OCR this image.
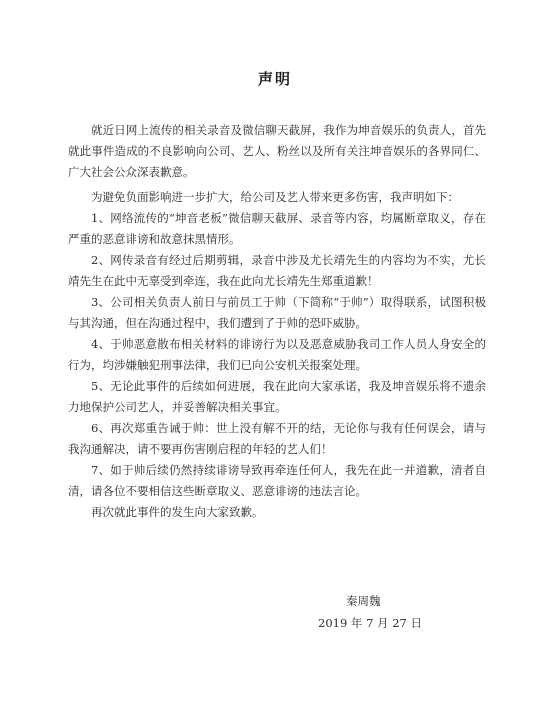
声明

就近日网上流传的相关录音及微信聊天截屏，我作为坤音娱乐的负责人，首先就此事件造成的不良影响向公司、艺人、粉丝以及所有关注坤音娱乐的各界同仁、广大社会公众深表歉意。

为避免负面影响进一步扩大，给公司及艺人带来更多伤害，我声明如下：

1、网络流传的“坤音老板”微信聊天截屏、录音等内容，均属断章取义，存在严重的恶意诽谤和故意抹黑情形。

2、网传录音有经过后期剪辑，录音中涉及尤长靖先生的内容均为不实，尤长靖先生在此中无辜受到牵连，我在此向尤长靖先生郑重道歉！

3、公司相关负责人前日与前员工于帅（下简称“于帅”）取得联系，试图积极与其沟通，但在沟通过程中，我们遭到了于帅的恐吓威胁。

4、于帅恶意散布相关材料的诽谤行为以及恶意威胁我司工作人员人身安全的行为，均涉嫌触犯刑事法律，我们已向公安机关报案处理。

5、无论此事件的后续如何进展，我在此向大家承诺，我及坤音娱乐将不遗余力地保护公司艺人，并妥善解决相关事宜。

6、再次郑重告诫于帅：世上没有解不开的结，无论你与我有任何误会，请与我沟通解决，请不要再伤害刚启程的年轻的艺人们！

7、如于帅后续仍然持续诽谤导致再牵连任何人，我先在此一并道歉，清者自清，请各位不要相信这些断章取义、恶意诽谤的违法言论。

再次就此事件的发生向大家致歉。

秦周魏
2019 年 7 月 27 日
